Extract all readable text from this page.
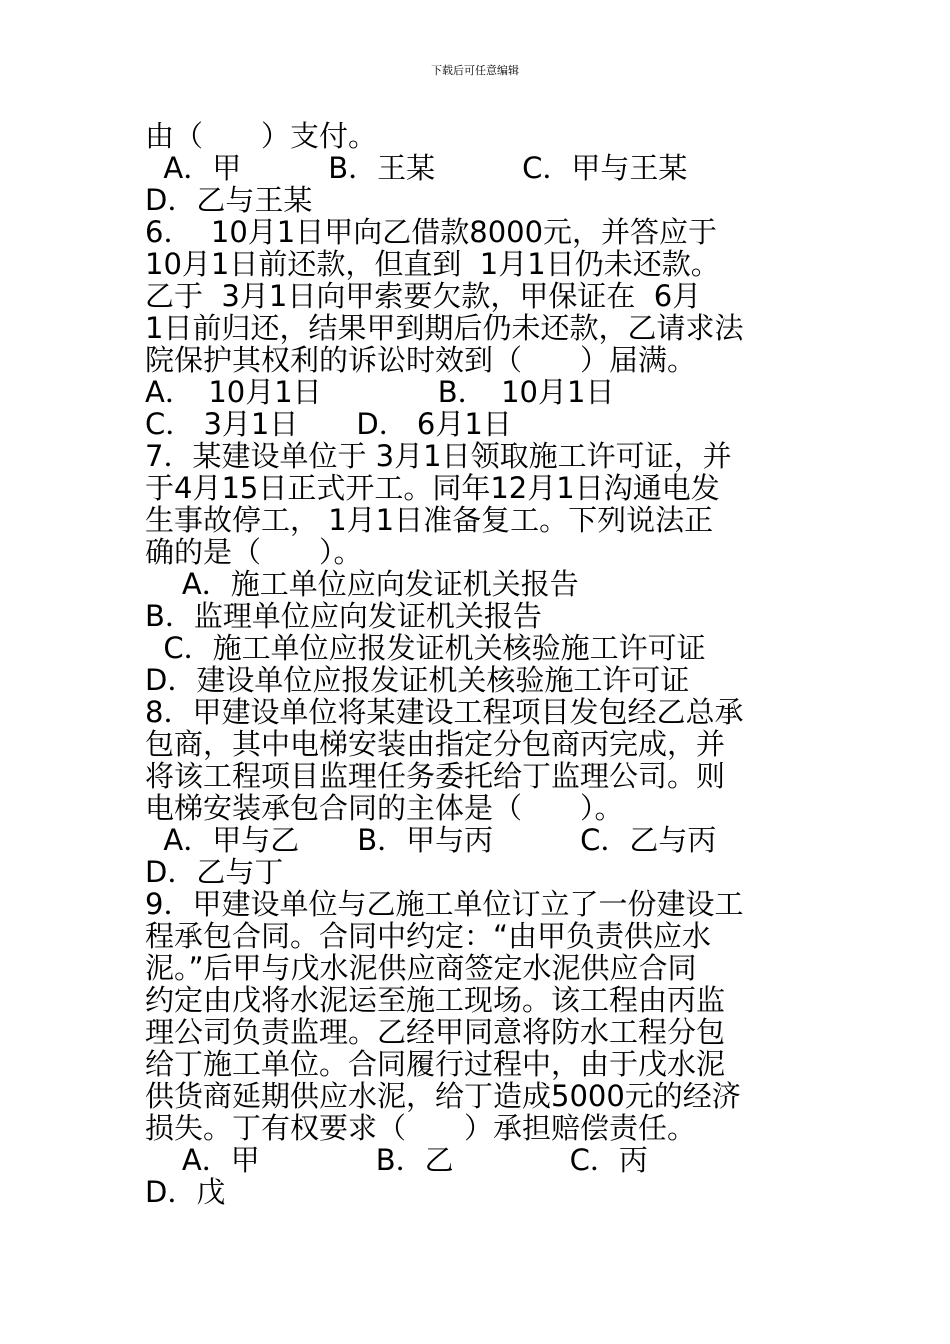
下载后可任意编辑
由（　　）支付。
A．甲　　　B．王某　　　C．甲与王某
D．乙与王某
6．  10月1日甲向乙借款8000元，并答应于
10月1日前还款，但直到  1月1日仍未还款。
乙于  3月1日向甲索要欠款，甲保证在  6月
1日前归还，结果甲到期后仍未还款，乙请求法
院保护其权利的诉讼时效到（　　）届满。
A．　10月1日　　　　B．　10月1日
C． 3月1日　　D． 6月1日
7．某建设单位于 3月1日领取施工许可证，并
于4月15日正式开工。同年12月1日沟通电发
生事故停工， 1月1日准备复工。下列说法正
确的是（　　）。
A．施工单位应向发证机关报告
B．监理单位应向发证机关报告
C．施工单位应报发证机关核验施工许可证
D．建设单位应报发证机关核验施工许可证
8．甲建设单位将某建设工程项目发包经乙总承
包商，其中电梯安装由指定分包商丙完成，并
将该工程项目监理任务委托给丁监理公司。则
电梯安装承包合同的主体是（　　）。
A．甲与乙　　B．甲与丙　　　C．乙与丙
D．乙与丁
9．甲建设单位与乙施工单位订立了一份建设工
程承包合同。合同中约定：“由甲负责供应水
泥。”后甲与戊水泥供应商签定水泥供应合同
约定由戊将水泥运至施工现场。该工程由丙监
理公司负责监理。乙经甲同意将防水工程分包
给丁施工单位。合同履行过程中，由于戊水泥
供货商延期供应水泥，给丁造成5000元的经济
损失。丁有权要求（　　）承担赔偿责任。
A．甲　　　　B．乙　　　　C．丙
D．戊
